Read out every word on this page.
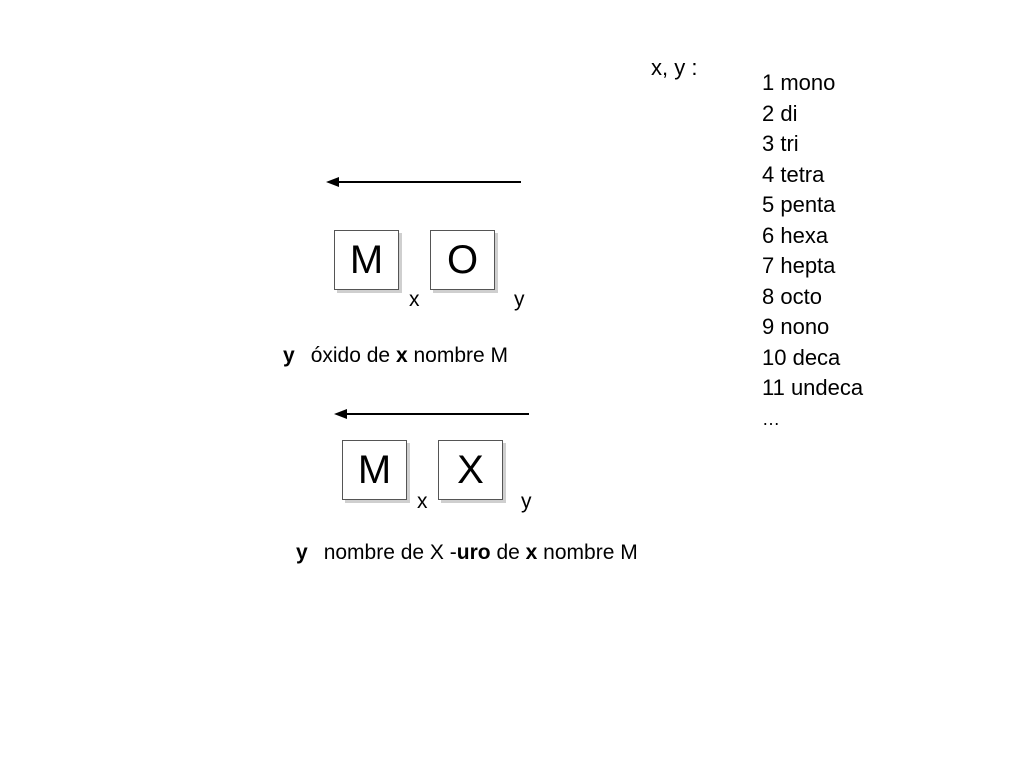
x, y :
1 mono
2 di
3 tri
4 tetra
5 penta
6 hexa
7 hepta
8 octo
9 nono
10 deca
11 undeca
…
M O
x	y
y óxido de x nombre M
M X
x	y
y nombre de X -uro de x nombre M
